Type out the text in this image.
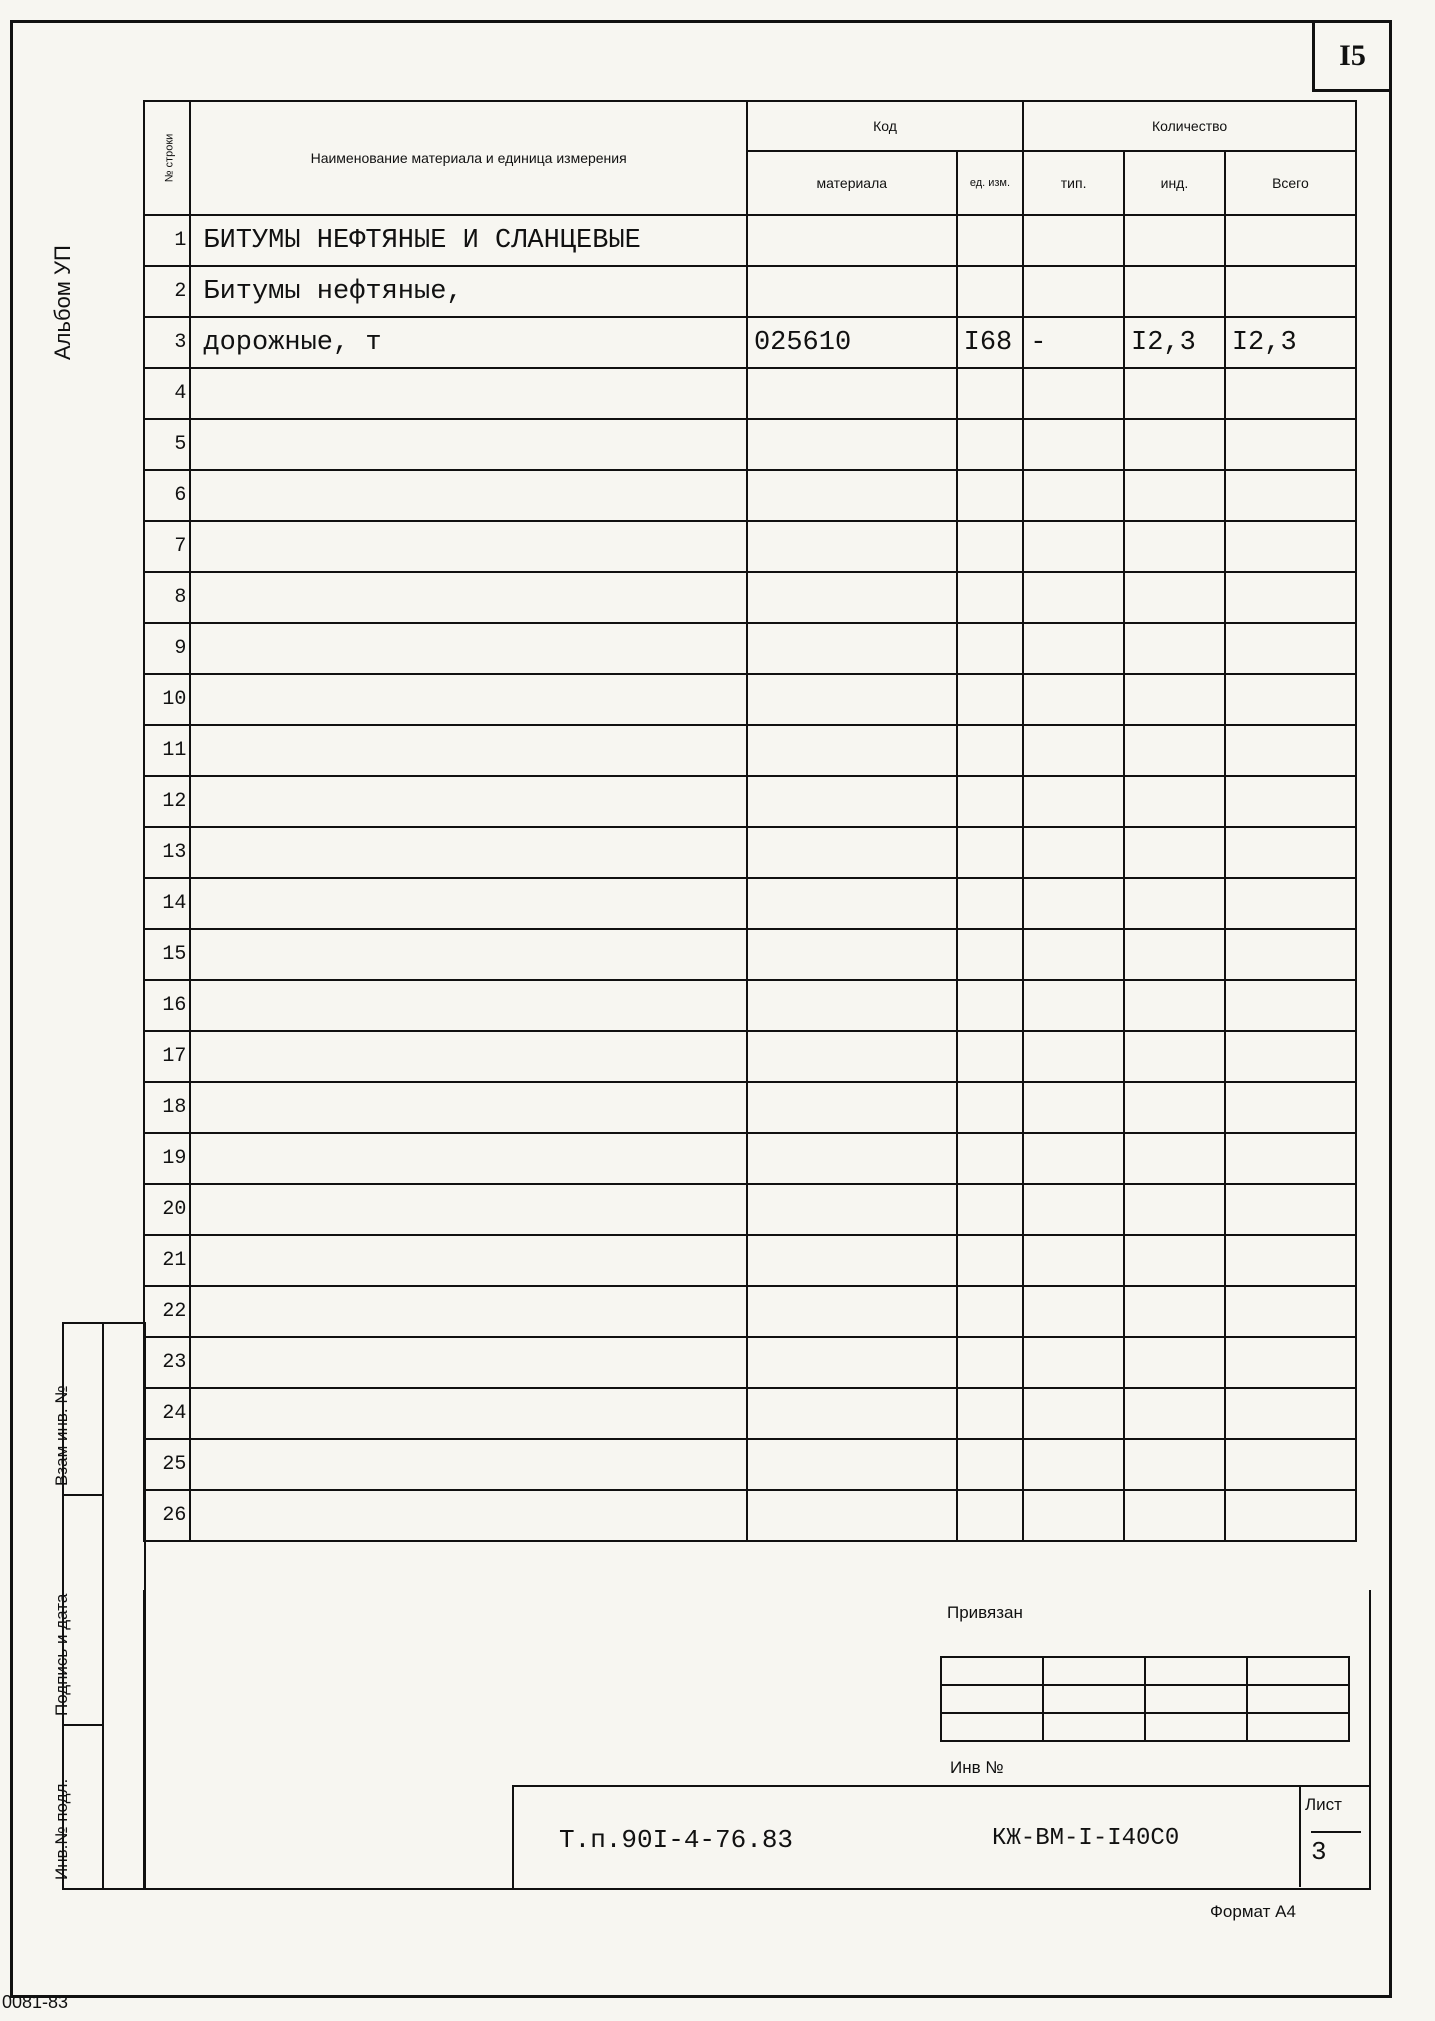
I5
Альбом УП
№ строки	Наименование материала и единица измерения	Код		Количество		
		материала	ед. изм.	тип.	инд.	Всего
1	БИТУМЫ НЕФТЯНЫЕ И СЛАНЦЕВЫЕ					
2	Битумы нефтяные,					
3	дорожные, т	025610	I68	-	I2,3	I2,3
4						
5						
6						
7						
8						
9						
10						
11						
12						
13						
14						
15						
16						
17						
18						
19						
20						
21						
22						
23						
24						
25						
26						
Взам инв. №
Подпись и дата
Инв.№ подл.
Привязан

Инв №
Т.п.90I-4-76.83	КЖ-ВМ-I-I40С0
Лист
3
Формат А4
0081-83
